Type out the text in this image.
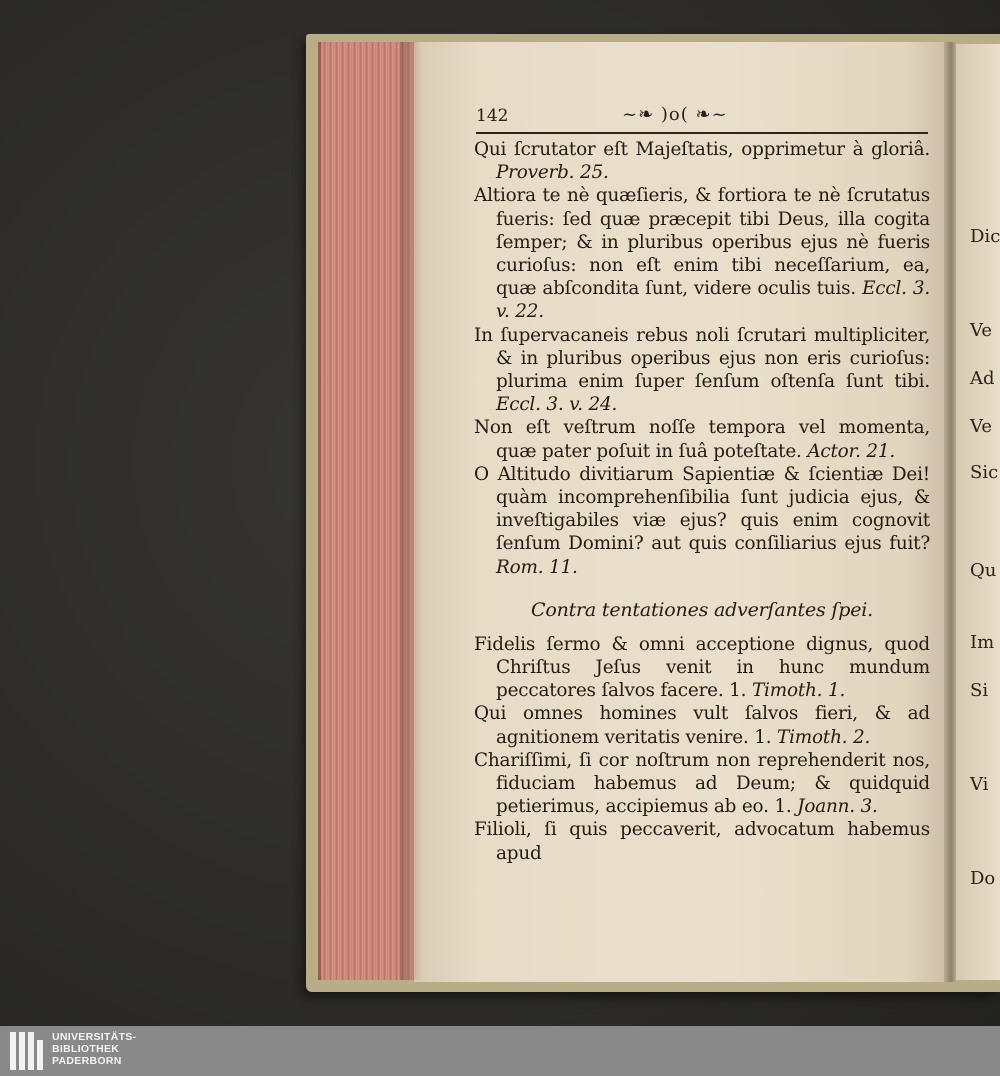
Dic
Ve
Ad
Ve
Sic
Qu
Im
Si
Vi
Do
142	~❧ )o( ❧~

Qui ſcrutator eſt Majeſtatis, opprimetur à gloriâ. Proverb. 25.

Altiora te nè quæſieris, & fortiora te nè ſcrutatus fueris: ſed quæ præcepit tibi Deus, illa cogita ſemper; & in pluribus operibus ejus nè fueris curioſus: non eſt enim tibi neceſſarium, ea, quæ abſcondita ſunt, videre oculis tuis. Eccl. 3. v. 22.

In ſupervacaneis rebus noli ſcrutari multipliciter, & in pluribus operibus ejus non eris curioſus: plurima enim ſuper ſenſum oſtenſa ſunt tibi. Eccl. 3. v. 24.

Non eſt veſtrum noſſe tempora vel momenta, quæ pater poſuit in ſuâ poteſtate. Actor. 21.

O Altitudo divitiarum Sapientiæ & ſcientiæ Dei! quàm incomprehenſibilia ſunt judicia ejus, & inveſtigabiles viæ ejus? quis enim cognovit ſenſum Domini? aut quis conſiliarius ejus fuit? Rom. 11.

Contra tentationes adverſantes ſpei.

Fidelis ſermo & omni acceptione dignus, quod Chriſtus Jeſus venit in hunc mundum peccatores ſalvos facere. 1. Timoth. 1.

Qui omnes homines vult ſalvos fieri, & ad agnitionem veritatis venire. 1. Timoth. 2.

Chariſſimi, ſi cor noſtrum non reprehenderit nos, fiduciam habemus ad Deum; & quidquid petierimus, accipiemus ab eo. 1. Joann. 3.

Filioli, ſi quis peccaverit, advocatum habemus apud

UNIVERSITÄTS-
BIBLIOTHEK
PADERBORN
